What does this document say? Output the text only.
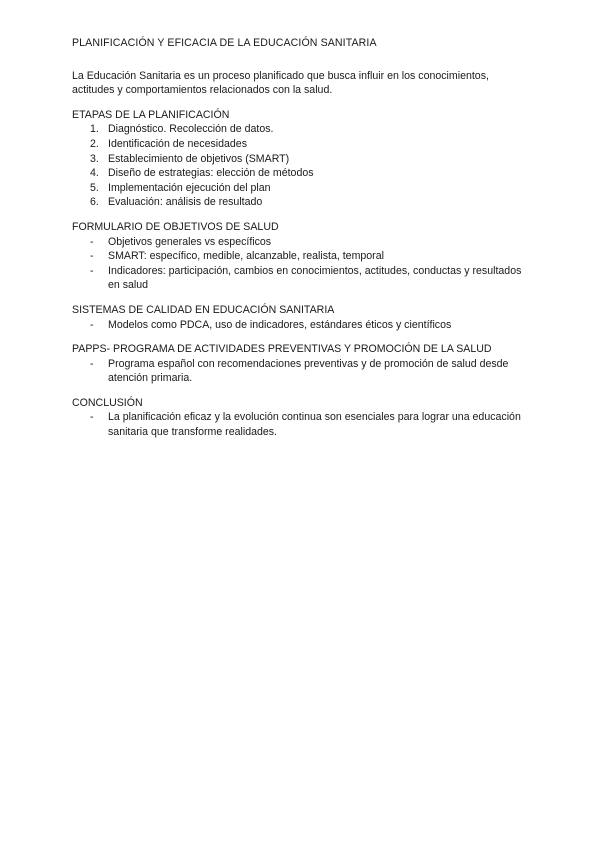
PLANIFICACIÓN Y EFICACIA DE LA EDUCACIÓN SANITARIA

La Educación Sanitaria es un proceso planificado que busca influir en los conocimientos, actitudes y comportamientos relacionados con la salud.

ETAPAS DE LA PLANIFICACIÓN

1. Diagnóstico. Recolección de datos.
2. Identificación de necesidades
3. Establecimiento de objetivos (SMART)
4. Diseño de estrategias: elección de métodos
5. Implementación ejecución del plan
6. Evaluación: análisis de resultado

FORMULARIO DE OBJETIVOS DE SALUD

- Objetivos generales vs específicos
- SMART: específico, medible, alcanzable, realista, temporal
- Indicadores: participación, cambios en conocimientos, actitudes, conductas y resultados en salud

SISTEMAS DE CALIDAD EN EDUCACIÓN SANITARIA

- Modelos como PDCA, uso de indicadores, estándares éticos y científicos

PAPPS- PROGRAMA DE ACTIVIDADES PREVENTIVAS Y PROMOCIÓN DE LA SALUD

- Programa español con recomendaciones preventivas y de promoción de salud desde atención primaria.

CONCLUSIÓN

- La planificación eficaz y la evolución continua son esenciales para lograr una educación sanitaria que transforme realidades.
